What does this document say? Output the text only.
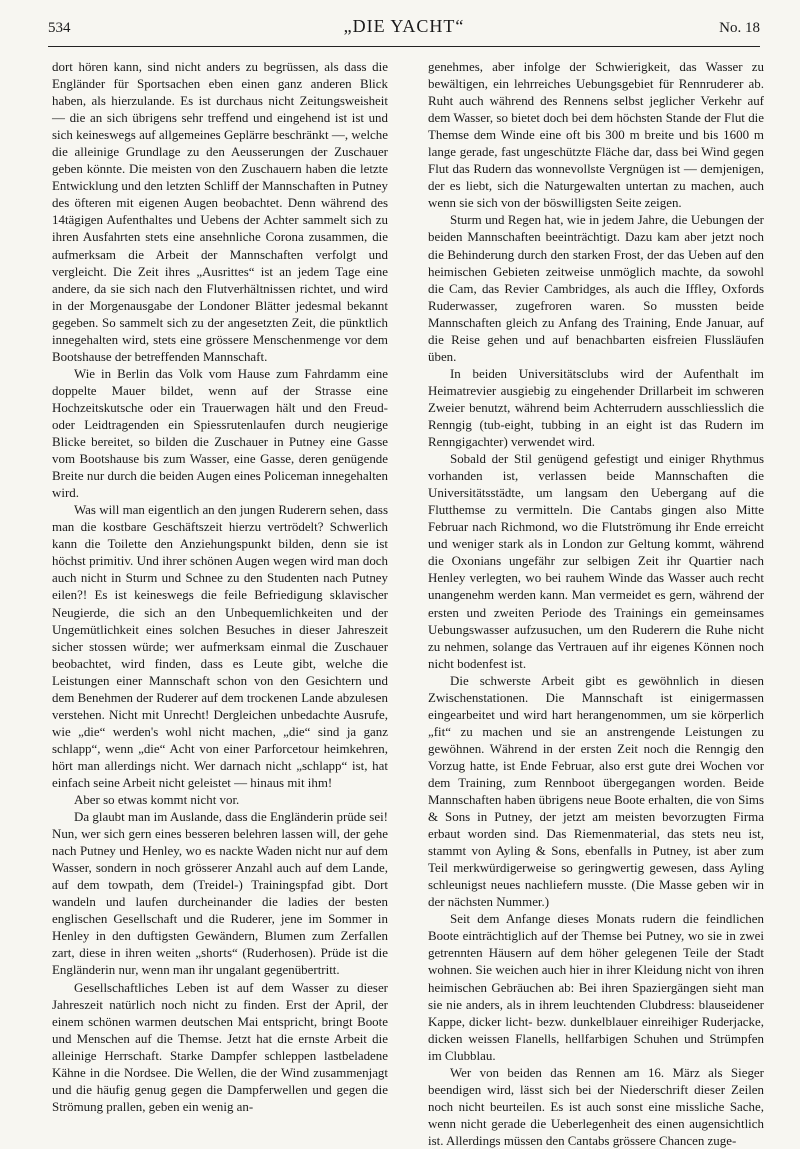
534	„DIE YACHT“	No. 18

dort hören kann, sind nicht anders zu begrüssen, als dass die Engländer für Sportsachen eben einen ganz anderen Blick haben, als hierzulande. Es ist durchaus nicht Zeitungsweisheit — die an sich übrigens sehr treffend und eingehend ist ist und sich keineswegs auf allgemeines Geplärre beschränkt —, welche die alleinige Grundlage zu den Aeusserungen der Zuschauer geben könnte. Die meisten von den Zuschauern haben die letzte Entwicklung und den letzten Schliff der Mannschaften in Putney des öfteren mit eigenen Augen beobachtet. Denn während des 14tägigen Aufenthaltes und Uebens der Achter sammelt sich zu ihren Ausfahrten stets eine ansehnliche Corona zusammen, die aufmerksam die Arbeit der Mannschaften verfolgt und vergleicht. Die Zeit ihres „Ausrittes“ ist an jedem Tage eine andere, da sie sich nach den Flutverhältnissen richtet, und wird in der Morgenausgabe der Londoner Blätter jedesmal bekannt gegeben. So sammelt sich zu der angesetzten Zeit, die pünktlich innegehalten wird, stets eine grössere Menschenmenge vor dem Bootshause der betreffenden Mannschaft.

Wie in Berlin das Volk vom Hause zum Fahrdamm eine doppelte Mauer bildet, wenn auf der Strasse eine Hochzeitskutsche oder ein Trauerwagen hält und den Freud- oder Leidtragenden ein Spiessrutenlaufen durch neugierige Blicke bereitet, so bilden die Zuschauer in Putney eine Gasse vom Bootshause bis zum Wasser, eine Gasse, deren genügende Breite nur durch die beiden Augen eines Policeman innegehalten wird.

Was will man eigentlich an den jungen Ruderern sehen, dass man die kostbare Geschäftszeit hierzu vertrödelt? Schwerlich kann die Toilette den Anziehungspunkt bilden, denn sie ist höchst primitiv. Und ihrer schönen Augen wegen wird man doch auch nicht in Sturm und Schnee zu den Studenten nach Putney eilen?! Es ist keineswegs die feile Befriedigung sklavischer Neugierde, die sich an den Unbequemlichkeiten und der Ungemütlichkeit eines solchen Besuches in dieser Jahreszeit sicher stossen würde; wer aufmerksam einmal die Zuschauer beobachtet, wird finden, dass es Leute gibt, welche die Leistungen einer Mannschaft schon von den Gesichtern und dem Benehmen der Ruderer auf dem trockenen Lande abzulesen verstehen. Nicht mit Unrecht! Dergleichen unbedachte Ausrufe, wie „die“ werden's wohl nicht machen, „die“ sind ja ganz schlapp“, wenn „die“ Acht von einer Parforcetour heimkehren, hört man allerdings nicht. Wer darnach nicht „schlapp“ ist, hat einfach seine Arbeit nicht geleistet — hinaus mit ihm!

Aber so etwas kommt nicht vor.

Da glaubt man im Auslande, dass die Engländerin prüde sei! Nun, wer sich gern eines besseren belehren lassen will, der gehe nach Putney und Henley, wo es nackte Waden nicht nur auf dem Wasser, sondern in noch grösserer Anzahl auch auf dem Lande, auf dem towpath, dem (Treidel-) Trainingspfad gibt. Dort wandeln und laufen durcheinander die ladies der besten englischen Gesellschaft und die Ruderer, jene im Sommer in Henley in den duftigsten Gewändern, Blumen zum Zerfallen zart, diese in ihren weiten „shorts“ (Ruderhosen). Prüde ist die Engländerin nur, wenn man ihr ungalant gegenübertritt.

Gesellschaftliches Leben ist auf dem Wasser zu dieser Jahreszeit natürlich noch nicht zu finden. Erst der April, der einem schönen warmen deutschen Mai entspricht, bringt Boote und Menschen auf die Themse. Jetzt hat die ernste Arbeit die alleinige Herrschaft. Starke Dampfer schleppen lastbeladene Kähne in die Nordsee. Die Wellen, die der Wind zusammenjagt und die häufig genug gegen die Dampferwellen und gegen die Strömung prallen, geben ein wenig an-

genehmes, aber infolge der Schwierigkeit, das Wasser zu bewältigen, ein lehrreiches Uebungsgebiet für Rennruderer ab. Ruht auch während des Rennens selbst jeglicher Verkehr auf dem Wasser, so bietet doch bei dem höchsten Stande der Flut die Themse dem Winde eine oft bis 300 m breite und bis 1600 m lange gerade, fast ungeschützte Fläche dar, dass bei Wind gegen Flut das Rudern das wonnevollste Vergnügen ist — demjenigen, der es liebt, sich die Naturgewalten untertan zu machen, auch wenn sie sich von der böswilligsten Seite zeigen.

Sturm und Regen hat, wie in jedem Jahre, die Uebungen der beiden Mannschaften beeinträchtigt. Dazu kam aber jetzt noch die Behinderung durch den starken Frost, der das Ueben auf den heimischen Gebieten zeitweise unmöglich machte, da sowohl die Cam, das Revier Cambridges, als auch die Iffley, Oxfords Ruderwasser, zugefroren waren. So mussten beide Mannschaften gleich zu Anfang des Training, Ende Januar, auf die Reise gehen und auf benachbarten eisfreien Flussläufen üben.

In beiden Universitätsclubs wird der Aufenthalt im Heimatrevier ausgiebig zu eingehender Drillarbeit im schweren Zweier benutzt, während beim Achterrudern ausschliesslich die Renngig (tub-eight, tubbing in an eight ist das Rudern im Renngigachter) verwendet wird.

Sobald der Stil genügend gefestigt und einiger Rhythmus vorhanden ist, verlassen beide Mannschaften die Universitätsstädte, um langsam den Uebergang auf die Flutthemse zu vermitteln. Die Cantabs gingen also Mitte Februar nach Richmond, wo die Flutströmung ihr Ende erreicht und weniger stark als in London zur Geltung kommt, während die Oxonians ungefähr zur selbigen Zeit ihr Quartier nach Henley verlegten, wo bei rauhem Winde das Wasser auch recht unangenehm werden kann. Man vermeidet es gern, während der ersten und zweiten Periode des Trainings ein gemeinsames Uebungswasser aufzusuchen, um den Ruderern die Ruhe nicht zu nehmen, solange das Vertrauen auf ihr eigenes Können noch nicht bodenfest ist.

Die schwerste Arbeit gibt es gewöhnlich in diesen Zwischenstationen. Die Mannschaft ist einigermassen eingearbeitet und wird hart herangenommen, um sie körperlich „fit“ zu machen und sie an anstrengende Leistungen zu gewöhnen. Während in der ersten Zeit noch die Renngig den Vorzug hatte, ist Ende Februar, also erst gute drei Wochen vor dem Training, zum Rennboot übergegangen worden. Beide Mannschaften haben übrigens neue Boote erhalten, die von Sims & Sons in Putney, der jetzt am meisten bevorzugten Firma erbaut worden sind. Das Riemenmaterial, das stets neu ist, stammt von Ayling & Sons, ebenfalls in Putney, ist aber zum Teil merkwürdigerweise so geringwertig gewesen, dass Ayling schleunigst neues nachliefern musste. (Die Masse geben wir in der nächsten Nummer.)

Seit dem Anfange dieses Monats rudern die feindlichen Boote einträchtiglich auf der Themse bei Putney, wo sie in zwei getrennten Häusern auf dem höher gelegenen Teile der Stadt wohnen. Sie weichen auch hier in ihrer Kleidung nicht von ihren heimischen Gebräuchen ab: Bei ihren Spaziergängen sieht man sie nie anders, als in ihrem leuchtenden Clubdress: blauseidener Kappe, dicker licht- bezw. dunkelblauer einreihiger Ruderjacke, dicken weissen Flanells, hellfarbigen Schuhen und Strümpfen im Clubblau.

Wer von beiden das Rennen am 16. März als Sieger beendigen wird, lässt sich bei der Niederschrift dieser Zeilen noch nicht beurteilen. Es ist auch sonst eine missliche Sache, wenn nicht gerade die Ueberlegenheit des einen augensichtlich ist. Allerdings müssen den Cantabs grössere Chancen zuge-
